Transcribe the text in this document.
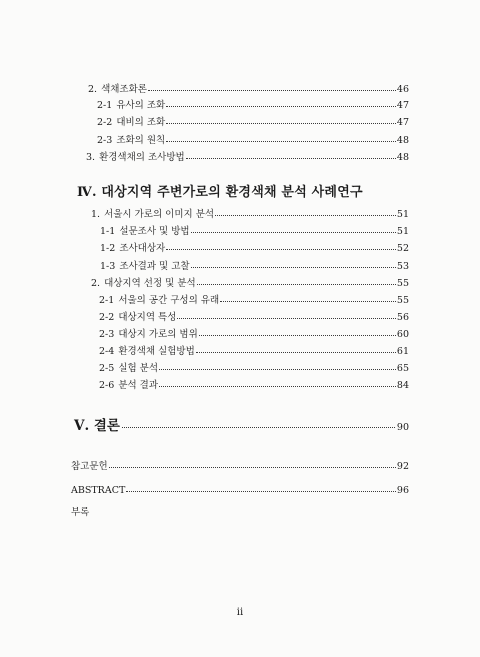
2. 색채조화론	46
2-1 유사의 조화	47
2-2 대비의 조화	47
2-3 조화의 원칙	48
3. 환경색채의 조사방법	48
Ⅳ. 대상지역 주변가로의 환경색채 분석 사례연구
1. 서울시 가로의 이미지 분석	51
1-1 설문조사 및 방법	51
1-2 조사대상자	52
1-3 조사결과 및 고찰	53
2. 대상지역 선정 및 분석	55
2-1 서울의 공간 구성의 유래	55
2-2 대상지역 특성	56
2-3 대상지 가로의 범위	60
2-4 환경색채 실험방법	61
2-5 실험 분석	65
2-6 분석 결과	84
Ⅴ. 결론	90
참고문헌	92
ABSTRACT	96
부록
ii
